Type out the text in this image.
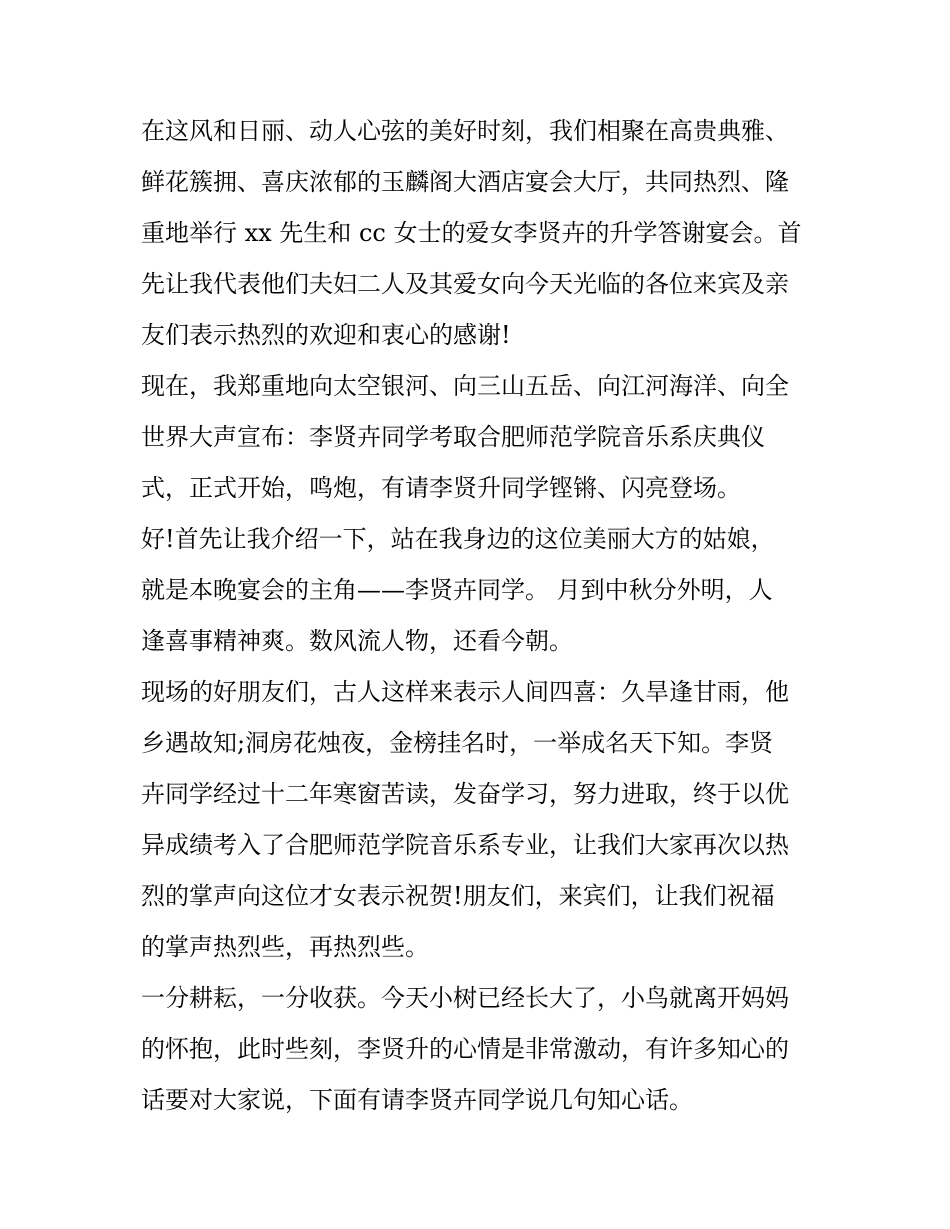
在这风和日丽、动人心弦的美好时刻，我们相聚在高贵典雅、
鲜花簇拥、喜庆浓郁的玉麟阁大酒店宴会大厅，共同热烈、隆
重地举行 xx 先生和 cc 女士的爱女李贤卉的升学答谢宴会。首
先让我代表他们夫妇二人及其爱女向今天光临的各位来宾及亲
友们表示热烈的欢迎和衷心的感谢!
现在，我郑重地向太空银河、向三山五岳、向江河海洋、向全
世界大声宣布：李贤卉同学考取合肥师范学院音乐系庆典仪
式，正式开始，鸣炮，有请李贤升同学铿锵、闪亮登场。
好!首先让我介绍一下，站在我身边的这位美丽大方的姑娘，
就是本晚宴会的主角——李贤卉同学。 月到中秋分外明，人
逢喜事精神爽。数风流人物，还看今朝。
现场的好朋友们，古人这样来表示人间四喜：久旱逢甘雨，他
乡遇故知;洞房花烛夜，金榜挂名时，一举成名天下知。李贤
卉同学经过十二年寒窗苦读，发奋学习，努力进取，终于以优
异成绩考入了合肥师范学院音乐系专业，让我们大家再次以热
烈的掌声向这位才女表示祝贺!朋友们，来宾们，让我们祝福
的掌声热烈些，再热烈些。
一分耕耘，一分收获。今天小树已经长大了，小鸟就离开妈妈
的怀抱，此时些刻，李贤升的心情是非常激动，有许多知心的
话要对大家说，下面有请李贤卉同学说几句知心话。
